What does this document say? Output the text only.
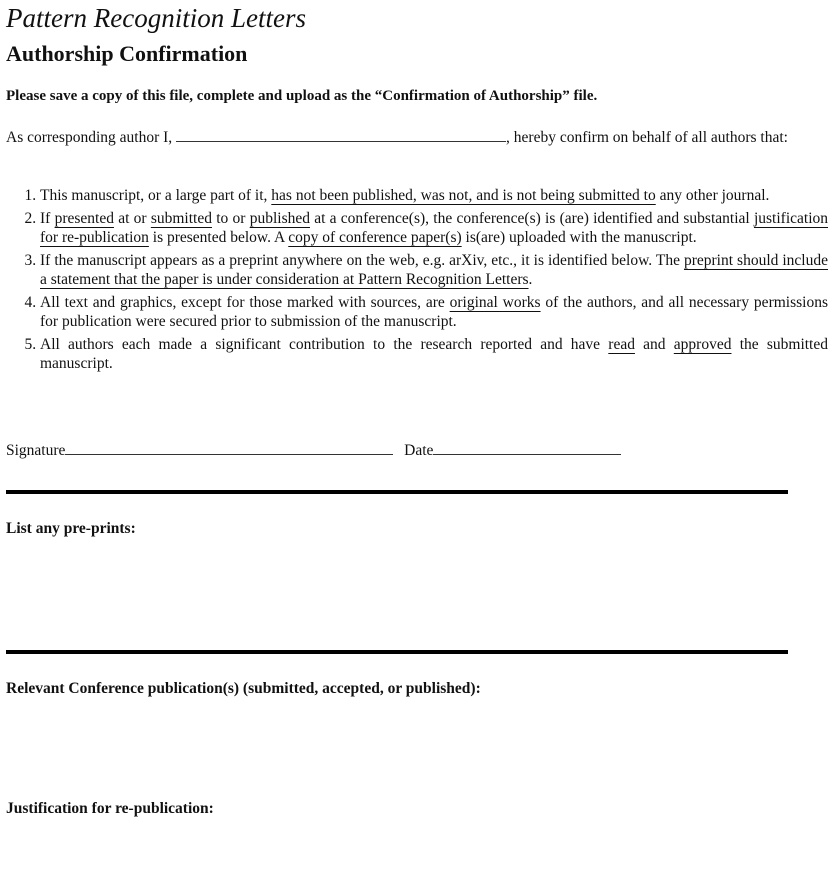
Pattern Recognition Letters
Authorship Confirmation
Please save a copy of this file, complete and upload as the “Confirmation of Authorship” file.
As corresponding author I,	, hereby confirm on behalf of all authors that:
1. This manuscript, or a large part of it, has not been published, was not, and is not being submitted to any other journal.
2. If presented at or submitted to or published at a conference(s), the conference(s) is (are) identified and substantial justification for re-publication is presented below. A copy of conference paper(s) is(are) uploaded with the manuscript.
3. If the manuscript appears as a preprint anywhere on the web, e.g. arXiv, etc., it is identified below. The preprint should include a statement that the paper is under consideration at Pattern Recognition Letters.
4. All text and graphics, except for those marked with sources, are original works of the authors, and all necessary permissions for publication were secured prior to submission of the manuscript.
5. All authors each made a significant contribution to the research reported and have read and approved the submitted manuscript.
Signature	Date
List any pre-prints:
Relevant Conference publication(s) (submitted, accepted, or published):
Justification for re-publication:
